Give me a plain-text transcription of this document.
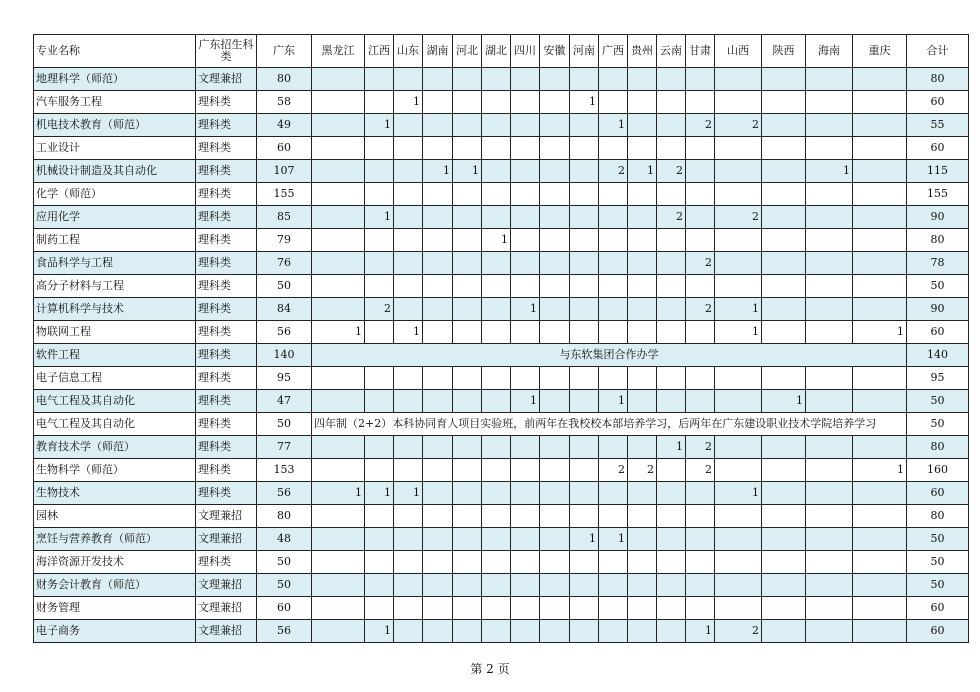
专业名称	广东招生科类	广东	黑龙江	江西	山东	湖南	河北	湖北	四川	安徽	河南	广西	贵州	云南	甘肃	山西	陕西	海南	重庆	合计
地理科学（师范）	文理兼招	80																		80
汽车服务工程	理科类	58			1						1									60
机电技术教育（师范）	理科类	49		1								1			2	2				55
工业设计	理科类	60																		60
机械设计制造及其自动化	理科类	107				1	1					2	1	2				1		115
化学（师范）	理科类	155																		155
应用化学	理科类	85		1										2		2				90
制药工程	理科类	79						1												80
食品科学与工程	理科类	76													2					78
高分子材料与工程	理科类	50																		50
计算机科学与技术	理科类	84		2					1						2	1				90
物联网工程	理科类	56	1		1											1			1	60
软件工程	理科类	140	与东软集团合作办学																	140
电子信息工程	理科类	95																		95
电气工程及其自动化	理科类	47							1			1					1			50
电气工程及其自动化	理科类	50	四年制（2+2）本科协同育人项目实验班，前两年在我校校本部培养学习，后两年在广东建设职业技术学院培养学习																	50
教育技术学（师范）	理科类	77												1	2					80
生物科学（师范）	理科类	153										2	2		2				1	160
生物技术	理科类	56	1	1	1											1				60
园林	文理兼招	80																		80
烹饪与营养教育（师范）	文理兼招	48									1	1								50
海洋资源开发技术	理科类	50																		50
财务会计教育（师范）	文理兼招	50																		50
财务管理	文理兼招	60																		60
电子商务	文理兼招	56		1											1	2				60
第 2 页
